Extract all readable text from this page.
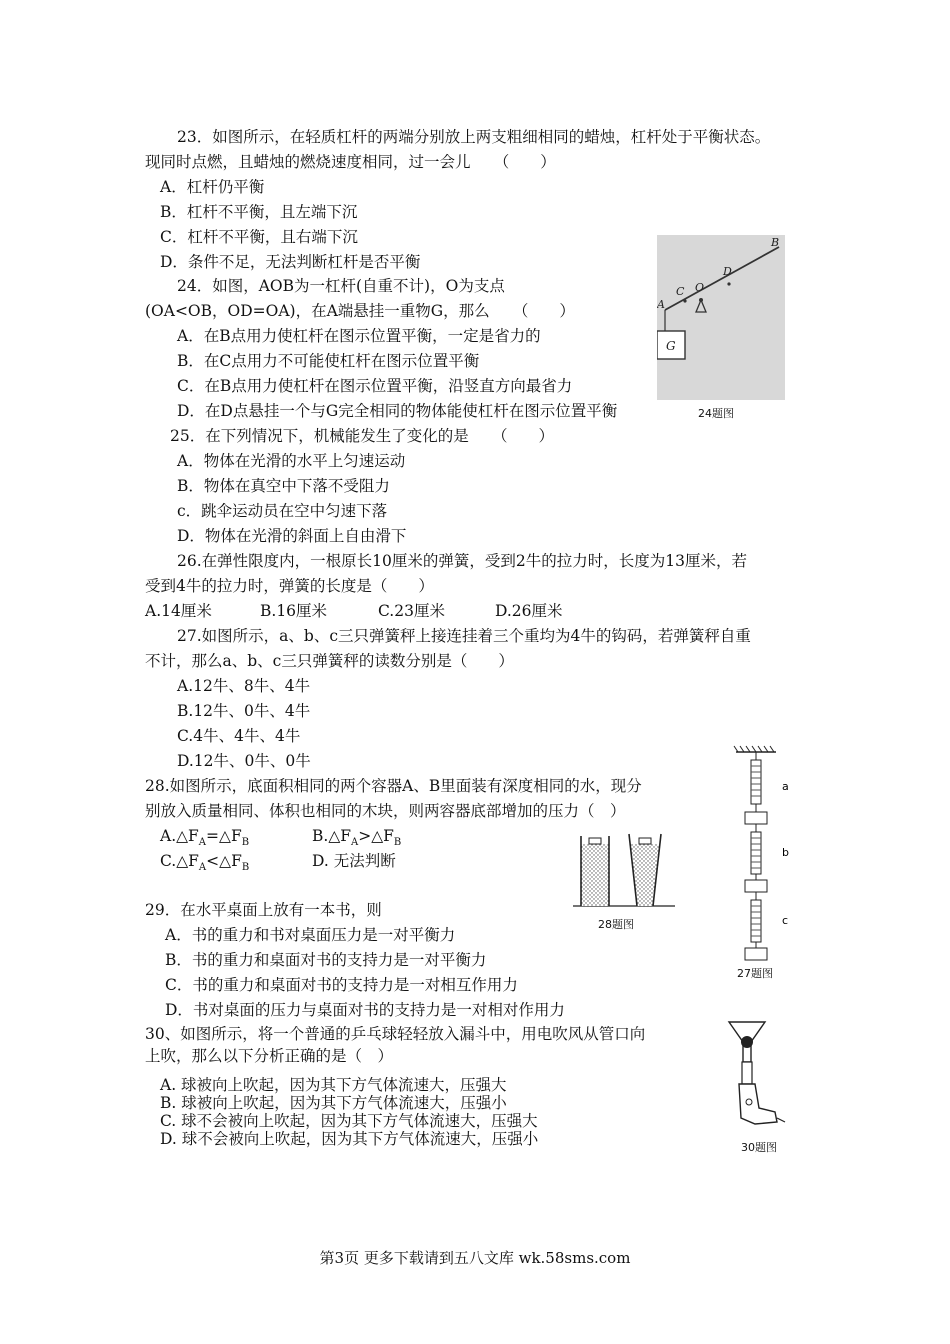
23．如图所示，在轻质杠杆的两端分别放上两支粗细相同的蜡烛，杠杆处于平衡状态。
现同时点燃，且蜡烛的燃烧速度相同，过一会儿　　（　　）
A．杠杆仍平衡
B．杠杆不平衡，且左端下沉
C．杠杆不平衡，且右端下沉
D．条件不足，无法判断杠杆是否平衡
24．如图，AOB为一杠杆(自重不计)，O为支点
(OA<OB，OD=OA)，在A端悬挂一重物G，那么　　（　　）
A．在B点用力使杠杆在图示位置平衡，一定是省力的
B．在C点用力不可能使杠杆在图示位置平衡
C．在B点用力使杠杆在图示位置平衡，沿竖直方向最省力
D．在D点悬挂一个与G完全相同的物体能使杠杆在图示位置平衡
A
C O
D
B
G
24题图
25．在下列情况下，机械能发生了变化的是　　（　　）
A．物体在光滑的水平上匀速运动
B．物体在真空中下落不受阻力
c．跳伞运动员在空中匀速下落
D．物体在光滑的斜面上自由滑下
26.在弹性限度内，一根原长10厘米的弹簧，受到2牛的拉力时，长度为13厘米，若
受到4牛的拉力时，弹簧的长度是（　　）
A.14厘米	B.16厘米	C.23厘米	D.26厘米
27.如图所示，a、b、c三只弹簧秤上接连挂着三个重均为4牛的钩码，若弹簧秤自重
不计，那么a、b、c三只弹簧秤的读数分别是（　　）
A.12牛、8牛、4牛
B.12牛、0牛、4牛
C.4牛、4牛、4牛
D.12牛、0牛、0牛
a
b
c
27题图
28.如图所示，底面积相同的两个容器A、B里面装有深度相同的水，现分
别放入质量相同、体积也相同的木块，则两容器底部增加的压力（　）
$A.\triangle F_A=\triangle F_B$	$B.\triangle F_A>\triangle F_B$
$C.\triangle F_A<\triangle F_B$	D. 无法判断
28题图
29．在水平桌面上放有一本书，则
A．书的重力和书对桌面压力是一对平衡力
B．书的重力和桌面对书的支持力是一对平衡力
C．书的重力和桌面对书的支持力是一对相互作用力
D．书对桌面的压力与桌面对书的支持力是一对相对作用力
30、如图所示，将一个普通的乒乓球轻轻放入漏斗中，用电吹风从管口向
上吹，那么以下分析正确的是（　）
A. 球被向上吹起，因为其下方气体流速大，压强大
B. 球被向上吹起，因为其下方气体流速大，压强小
C. 球不会被向上吹起，因为其下方气体流速大，压强大
D. 球不会被向上吹起，因为其下方气体流速大，压强小	30题图
第3页 更多下载请到五八文库 wk.58sms.com
